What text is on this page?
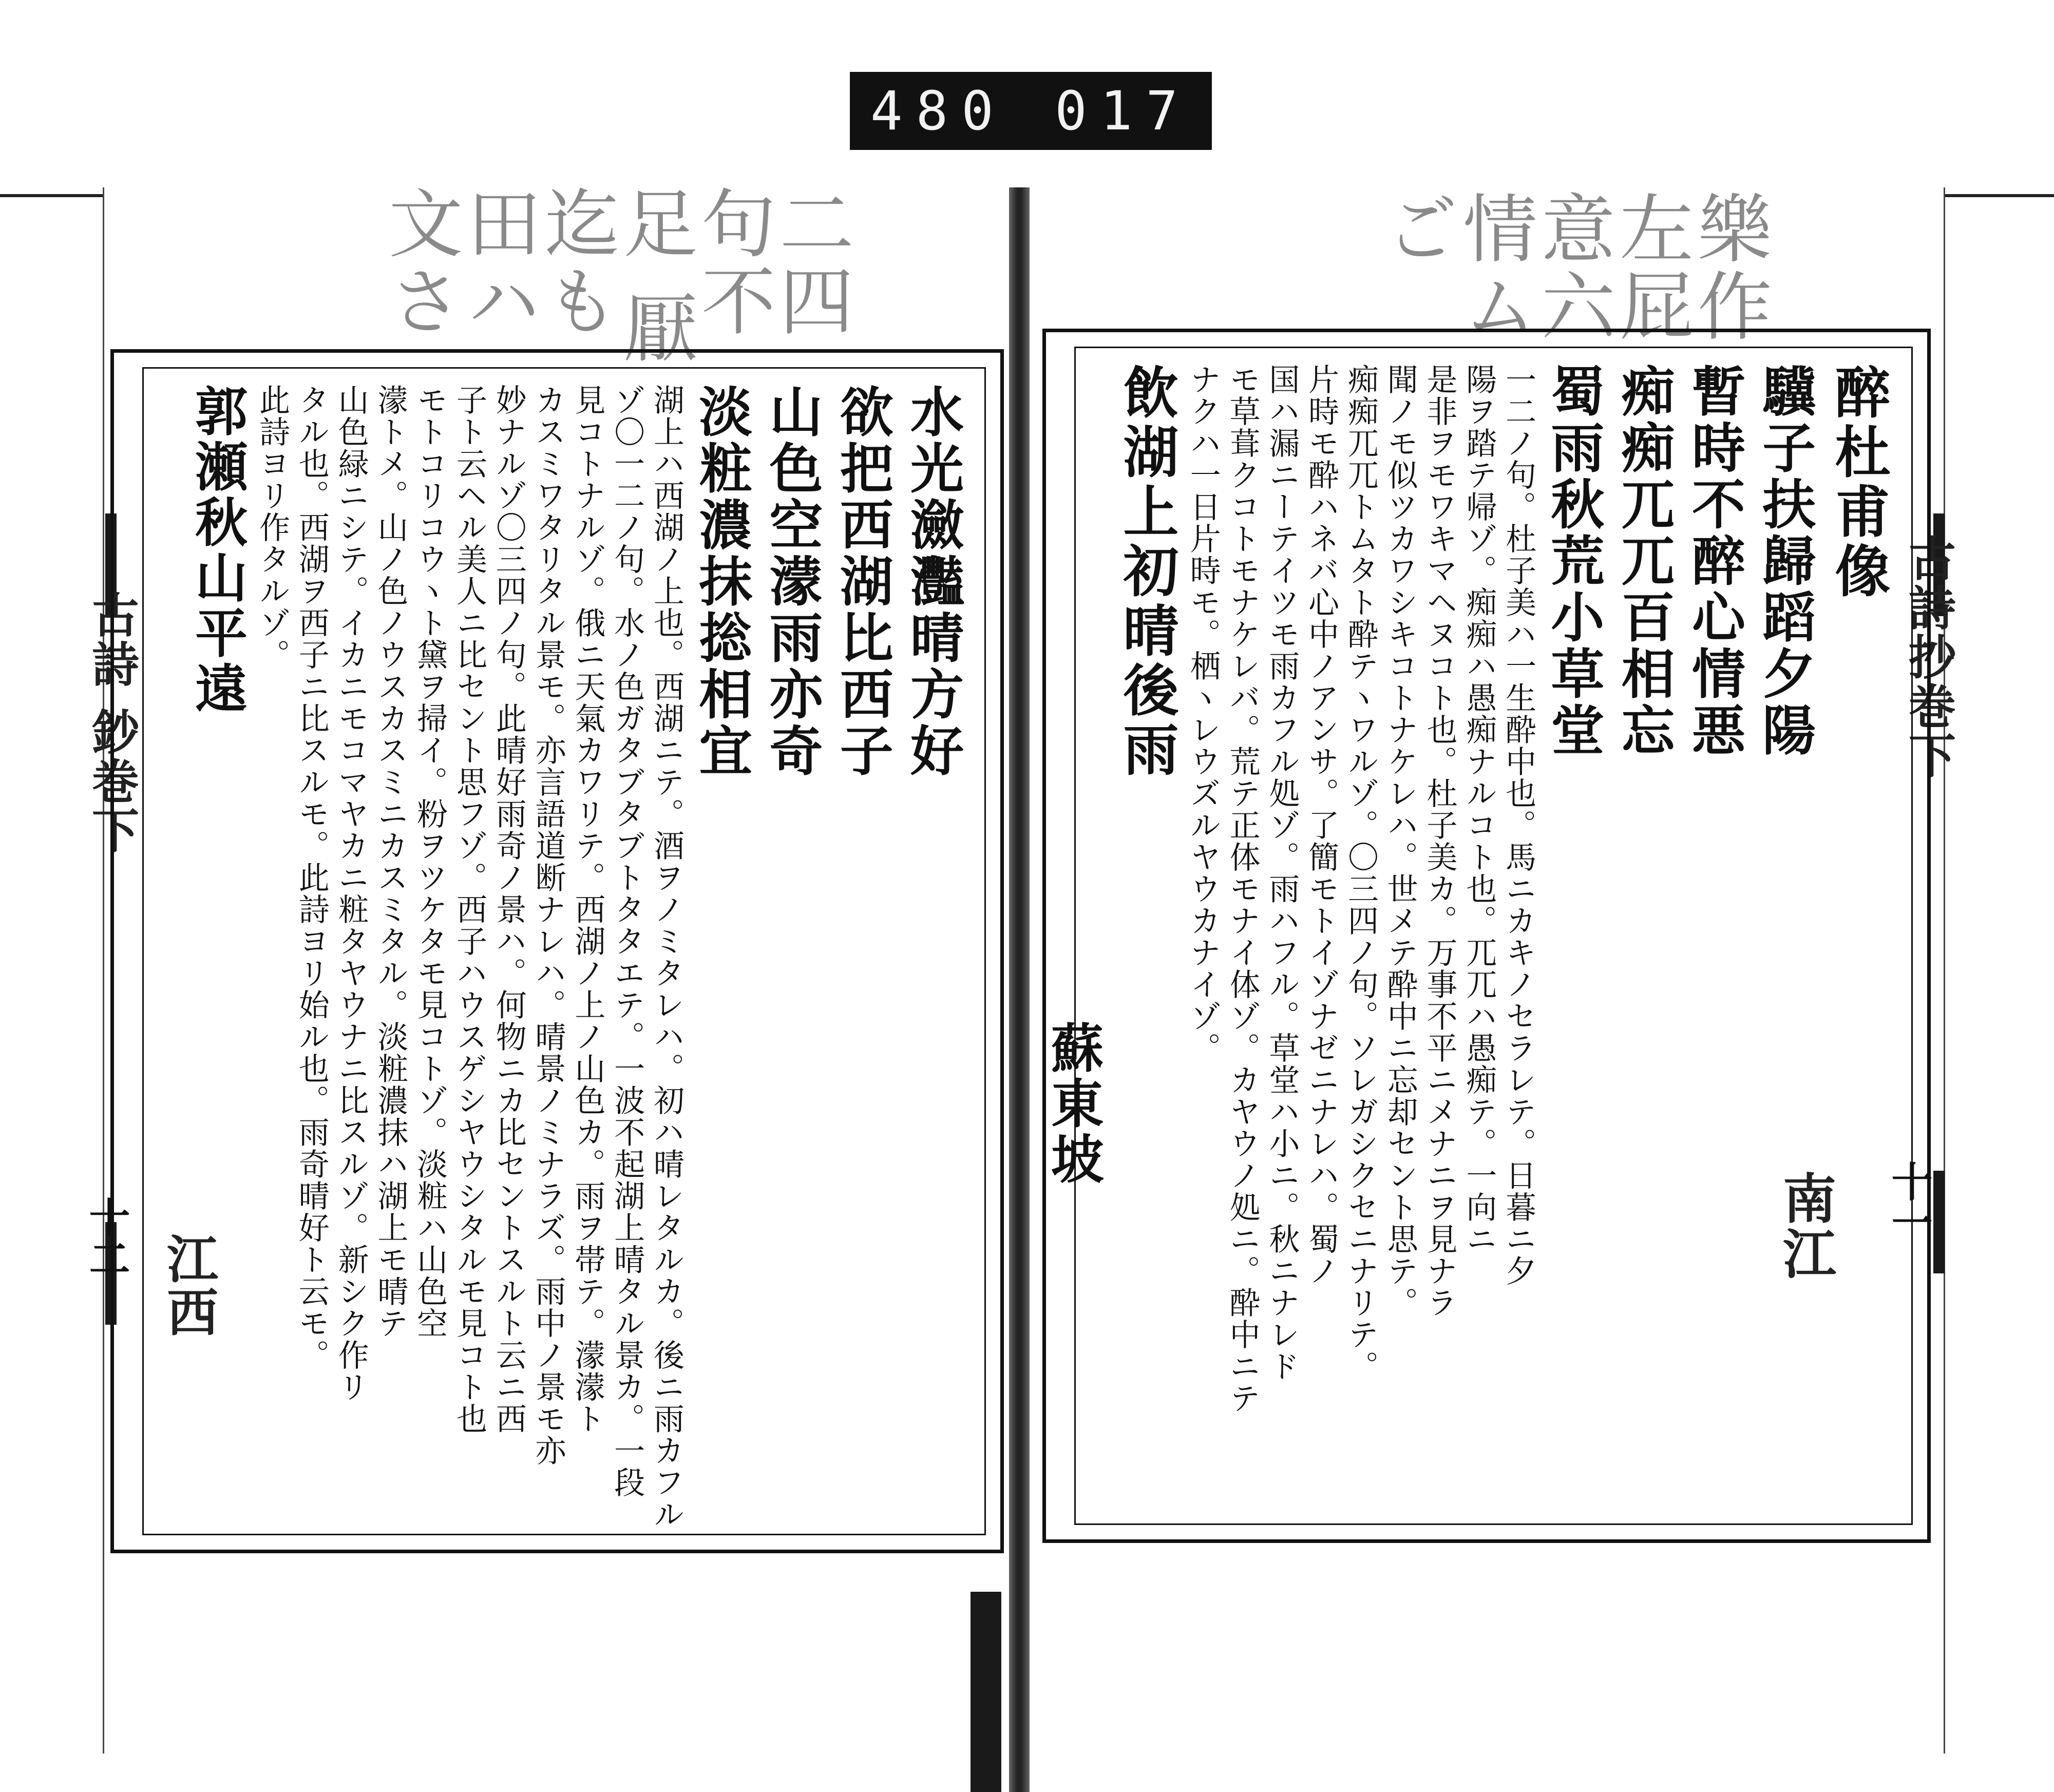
480 017
二四句不足 厭迄も 田ハ文さ	樂作 左屁 意六 情ム ご
古詩 鈔巻下
十二
古詩抄巻下
十一
醉杜甫像
驥子扶歸蹈夕陽
暫時不醉心情悪
痴痴兀兀百相忘
蜀雨秋荒小草堂
一二ノ句。杜子美ハ一生酔中也。馬ニカキノセラレテ。日暮ニ夕
陽ヲ踏テ帰ゾ。痴痴ハ愚痴ナルコト也。兀兀ハ愚痴テ。一向ニ
是非ヲモワキマヘヌコト也。杜子美カ。万事不平ニメナニヲ見ナラ
聞ノモ似ツカワシキコトナケレハ。世メテ酔中ニ忘却セント思テ。
痴痴兀兀トムタト酔テヽワルゾ。〇三四ノ句。ソレガシクセニナリテ。
片時モ酔ハネバ心中ノアンサ。了簡モトイゾナゼニナレハ。蜀ノ
国ハ漏ニーテイツモ雨カフル処ゾ。雨ハフル。草堂ハ小ニ。秋ニナレド
モ草葺クコトモナケレバ。荒テ正体モナイ体ゾ。カヤウノ処ニ。酔中ニテ
ナクハ一日片時モ。栖ヽレウズルヤウカナイゾ。
飲湖上初晴後雨
蘇東坡
南江
水光瀲灩晴方好
欲把西湖比西子
山色空濛雨亦奇
淡粧濃抹捴相宜
湖上ハ西湖ノ上也。西湖ニテ。酒ヲノミタレハ。初ハ晴レタルカ。後ニ雨カフル
ゾ〇一二ノ句。水ノ色ガタブタブトタタエテ。一波不起湖上晴タル景カ。一段
見コトナルゾ。俄ニ天氣カワリテ。西湖ノ上ノ山色カ。雨ヲ帯テ。濛濛ト
カスミワタリタル景モ。亦言語道断ナレハ。晴景ノミナラズ。雨中ノ景モ亦
妙ナルゾ〇三四ノ句。此晴好雨奇ノ景ハ。何物ニカ比セントスルト云ニ西
子ト云ヘル美人ニ比セント思フゾ。西子ハウスゲシヤウシタルモ見コト也
モトコリコウヽト黛ヲ掃イ。粉ヲツケタモ見コトゾ。淡粧ハ山色空
濛トメ。山ノ色ノウスカスミニカスミタル。淡粧濃抹ハ湖上モ晴テ
山色緑ニシテ。イカニモコマヤカニ粧タヤウナニ比スルゾ。新シク作リ
タル也。西湖ヲ西子ニ比スルモ。此詩ヨリ始ル也。雨奇晴好ト云モ。
此詩ヨリ作タルゾ。
郭瀬秋山平遠
江西
